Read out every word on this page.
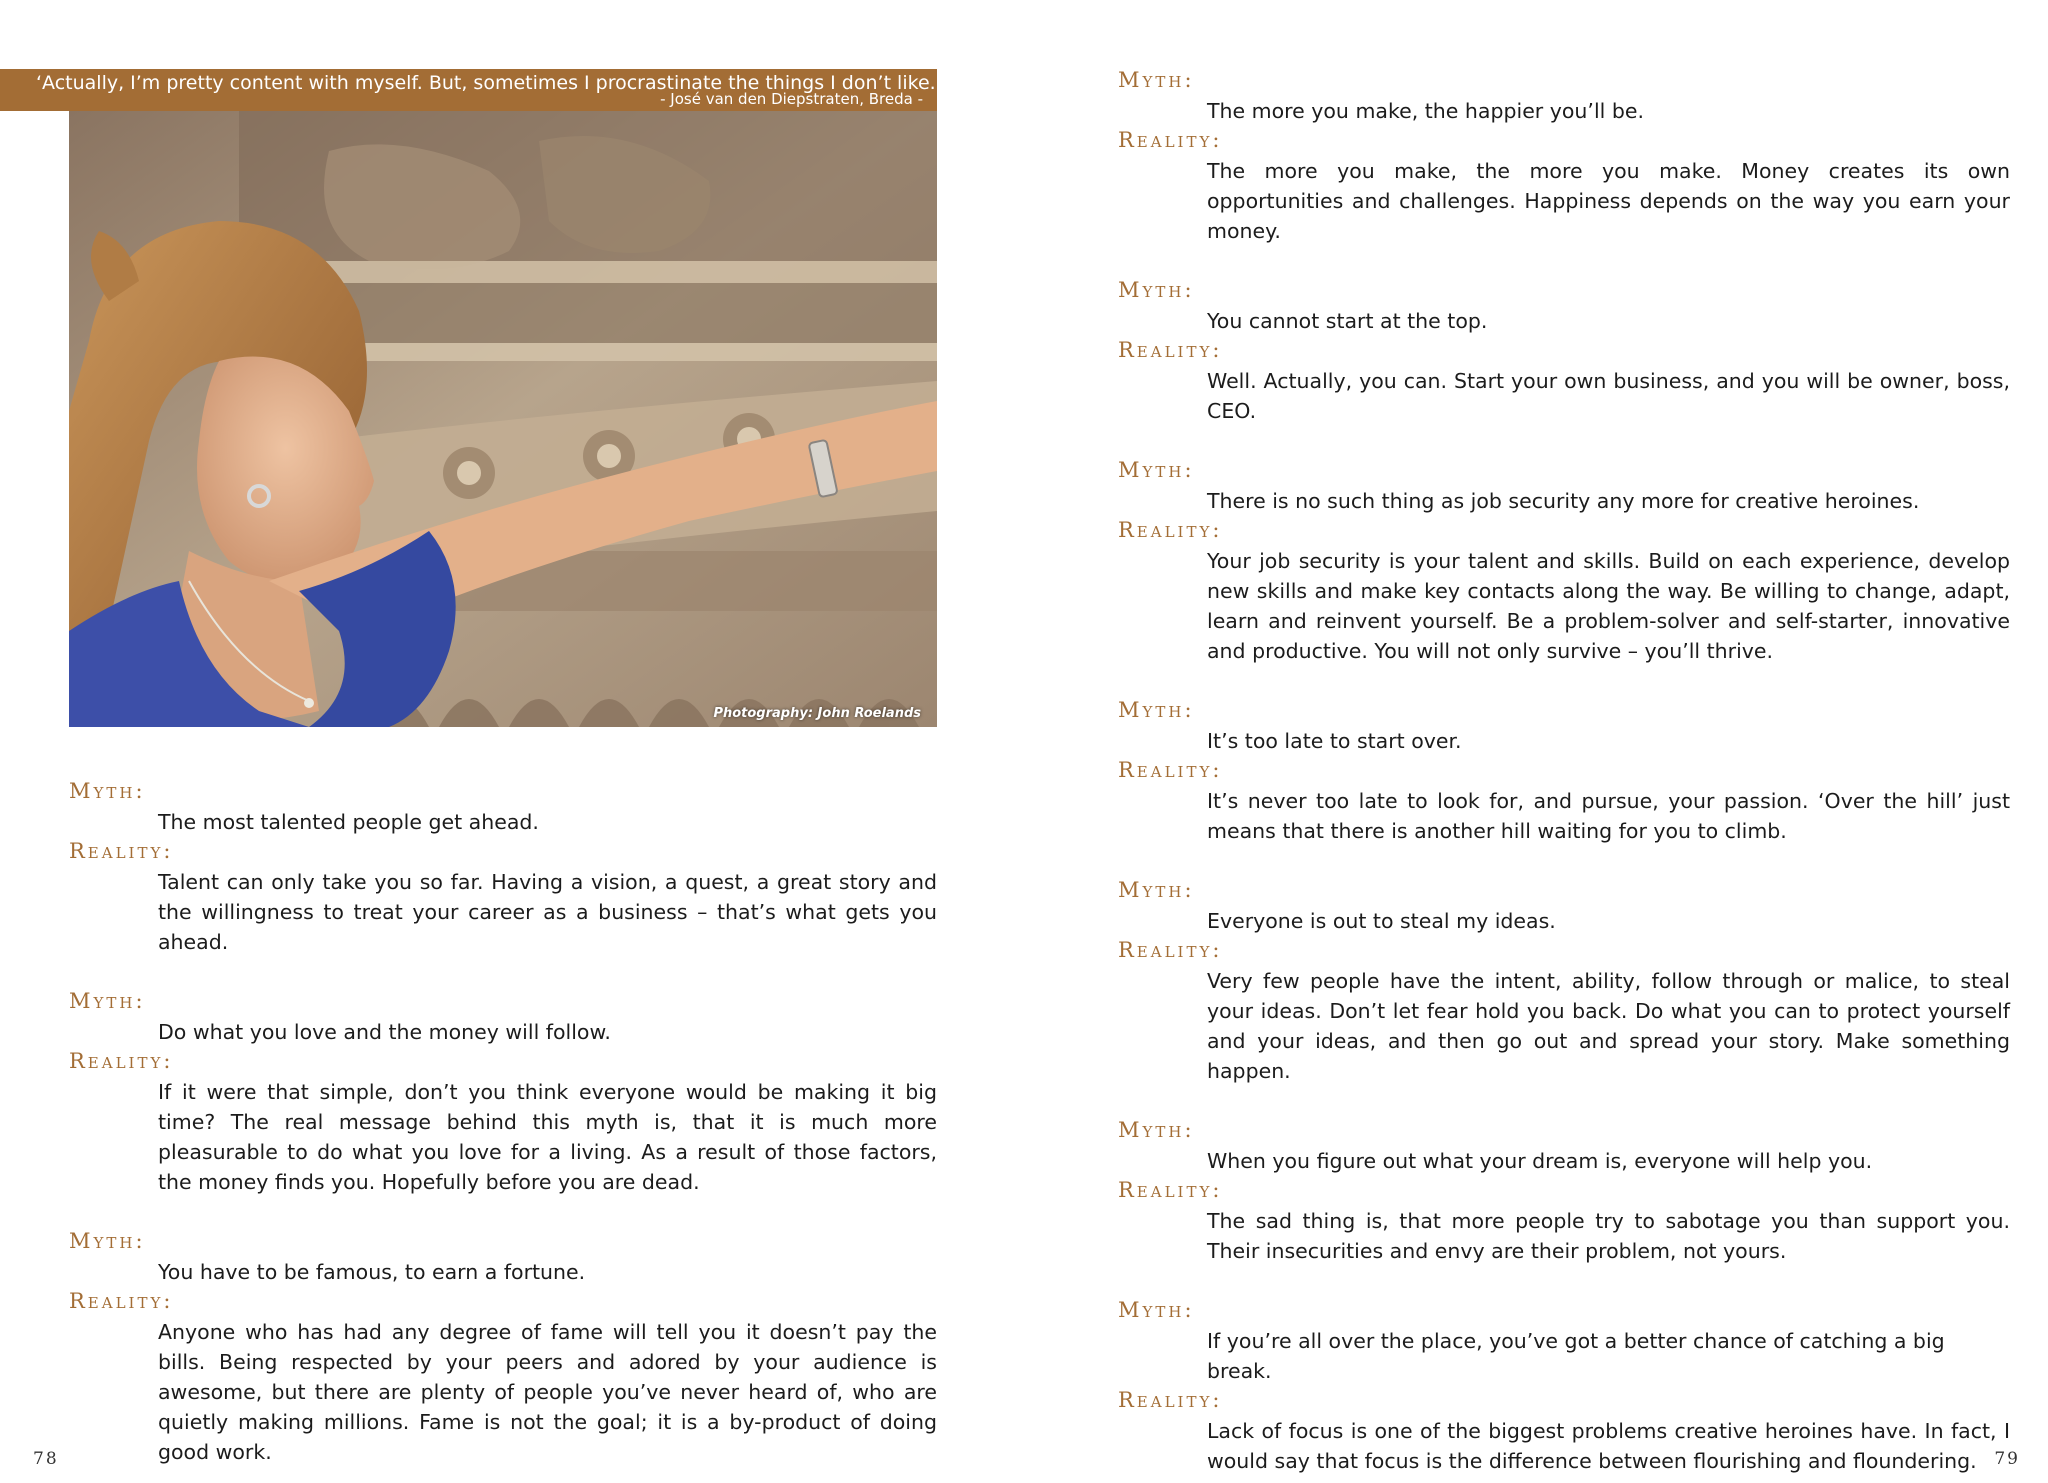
‘Actually, I’m pretty content with myself. But, sometimes I procrastinate the things I don’t like.’
- José van den Diepstraten, Breda -
Photography: John Roelands
Myth:
The most talented people get ahead.
Reality:
Talent can only take you so far. Having a vision, a quest, a great story and the willingness to treat your career as a business – that’s what gets you ahead.
Myth:
Do what you love and the money will follow.
Reality:
If it were that simple, don’t you think everyone would be making it big time? The real message behind this myth is, that it is much more pleasurable to do what you love for a living. As a result of those factors, the money finds you. Hopefully before you are dead.
Myth:
You have to be famous, to earn a fortune.
Reality:
Anyone who has had any degree of fame will tell you it doesn’t pay the bills. Being respected by your peers and adored by your audience is awesome, but there are plenty of people you’ve never heard of, who are quietly making millions. Fame is not the goal; it is a by-product of doing good work.
78
Myth:
The more you make, the happier you’ll be.
Reality:
The more you make, the more you make. Money creates its own opportunities and challenges. Happiness depends on the way you earn your money.
Myth:
You cannot start at the top.
Reality:
Well. Actually, you can. Start your own business, and you will be owner, boss, CEO.
Myth:
There is no such thing as job security any more for creative heroines.
Reality:
Your job security is your talent and skills. Build on each experience, develop new skills and make key contacts along the way. Be willing to change, adapt, learn and reinvent yourself. Be a problem-solver and self-starter, innovative and productive. You will not only survive – you’ll thrive.
Myth:
It’s too late to start over.
Reality:
It’s never too late to look for, and pursue, your passion. ‘Over the hill’ just means that there is another hill waiting for you to climb.
Myth:
Everyone is out to steal my ideas.
Reality:
Very few people have the intent, ability, follow through or malice, to steal your ideas. Don’t let fear hold you back. Do what you can to protect yourself and your ideas, and then go out and spread your story. Make something happen.
Myth:
When you figure out what your dream is, everyone will help you.
Reality:
The sad thing is, that more people try to sabotage you than support you. Their insecurities and envy are their problem, not yours.
Myth:
If you’re all over the place, you’ve got a better chance of catching a big break.
Reality:
Lack of focus is one of the biggest problems creative heroines have. In fact, I would say that focus is the difference between flourishing and floundering.	79
